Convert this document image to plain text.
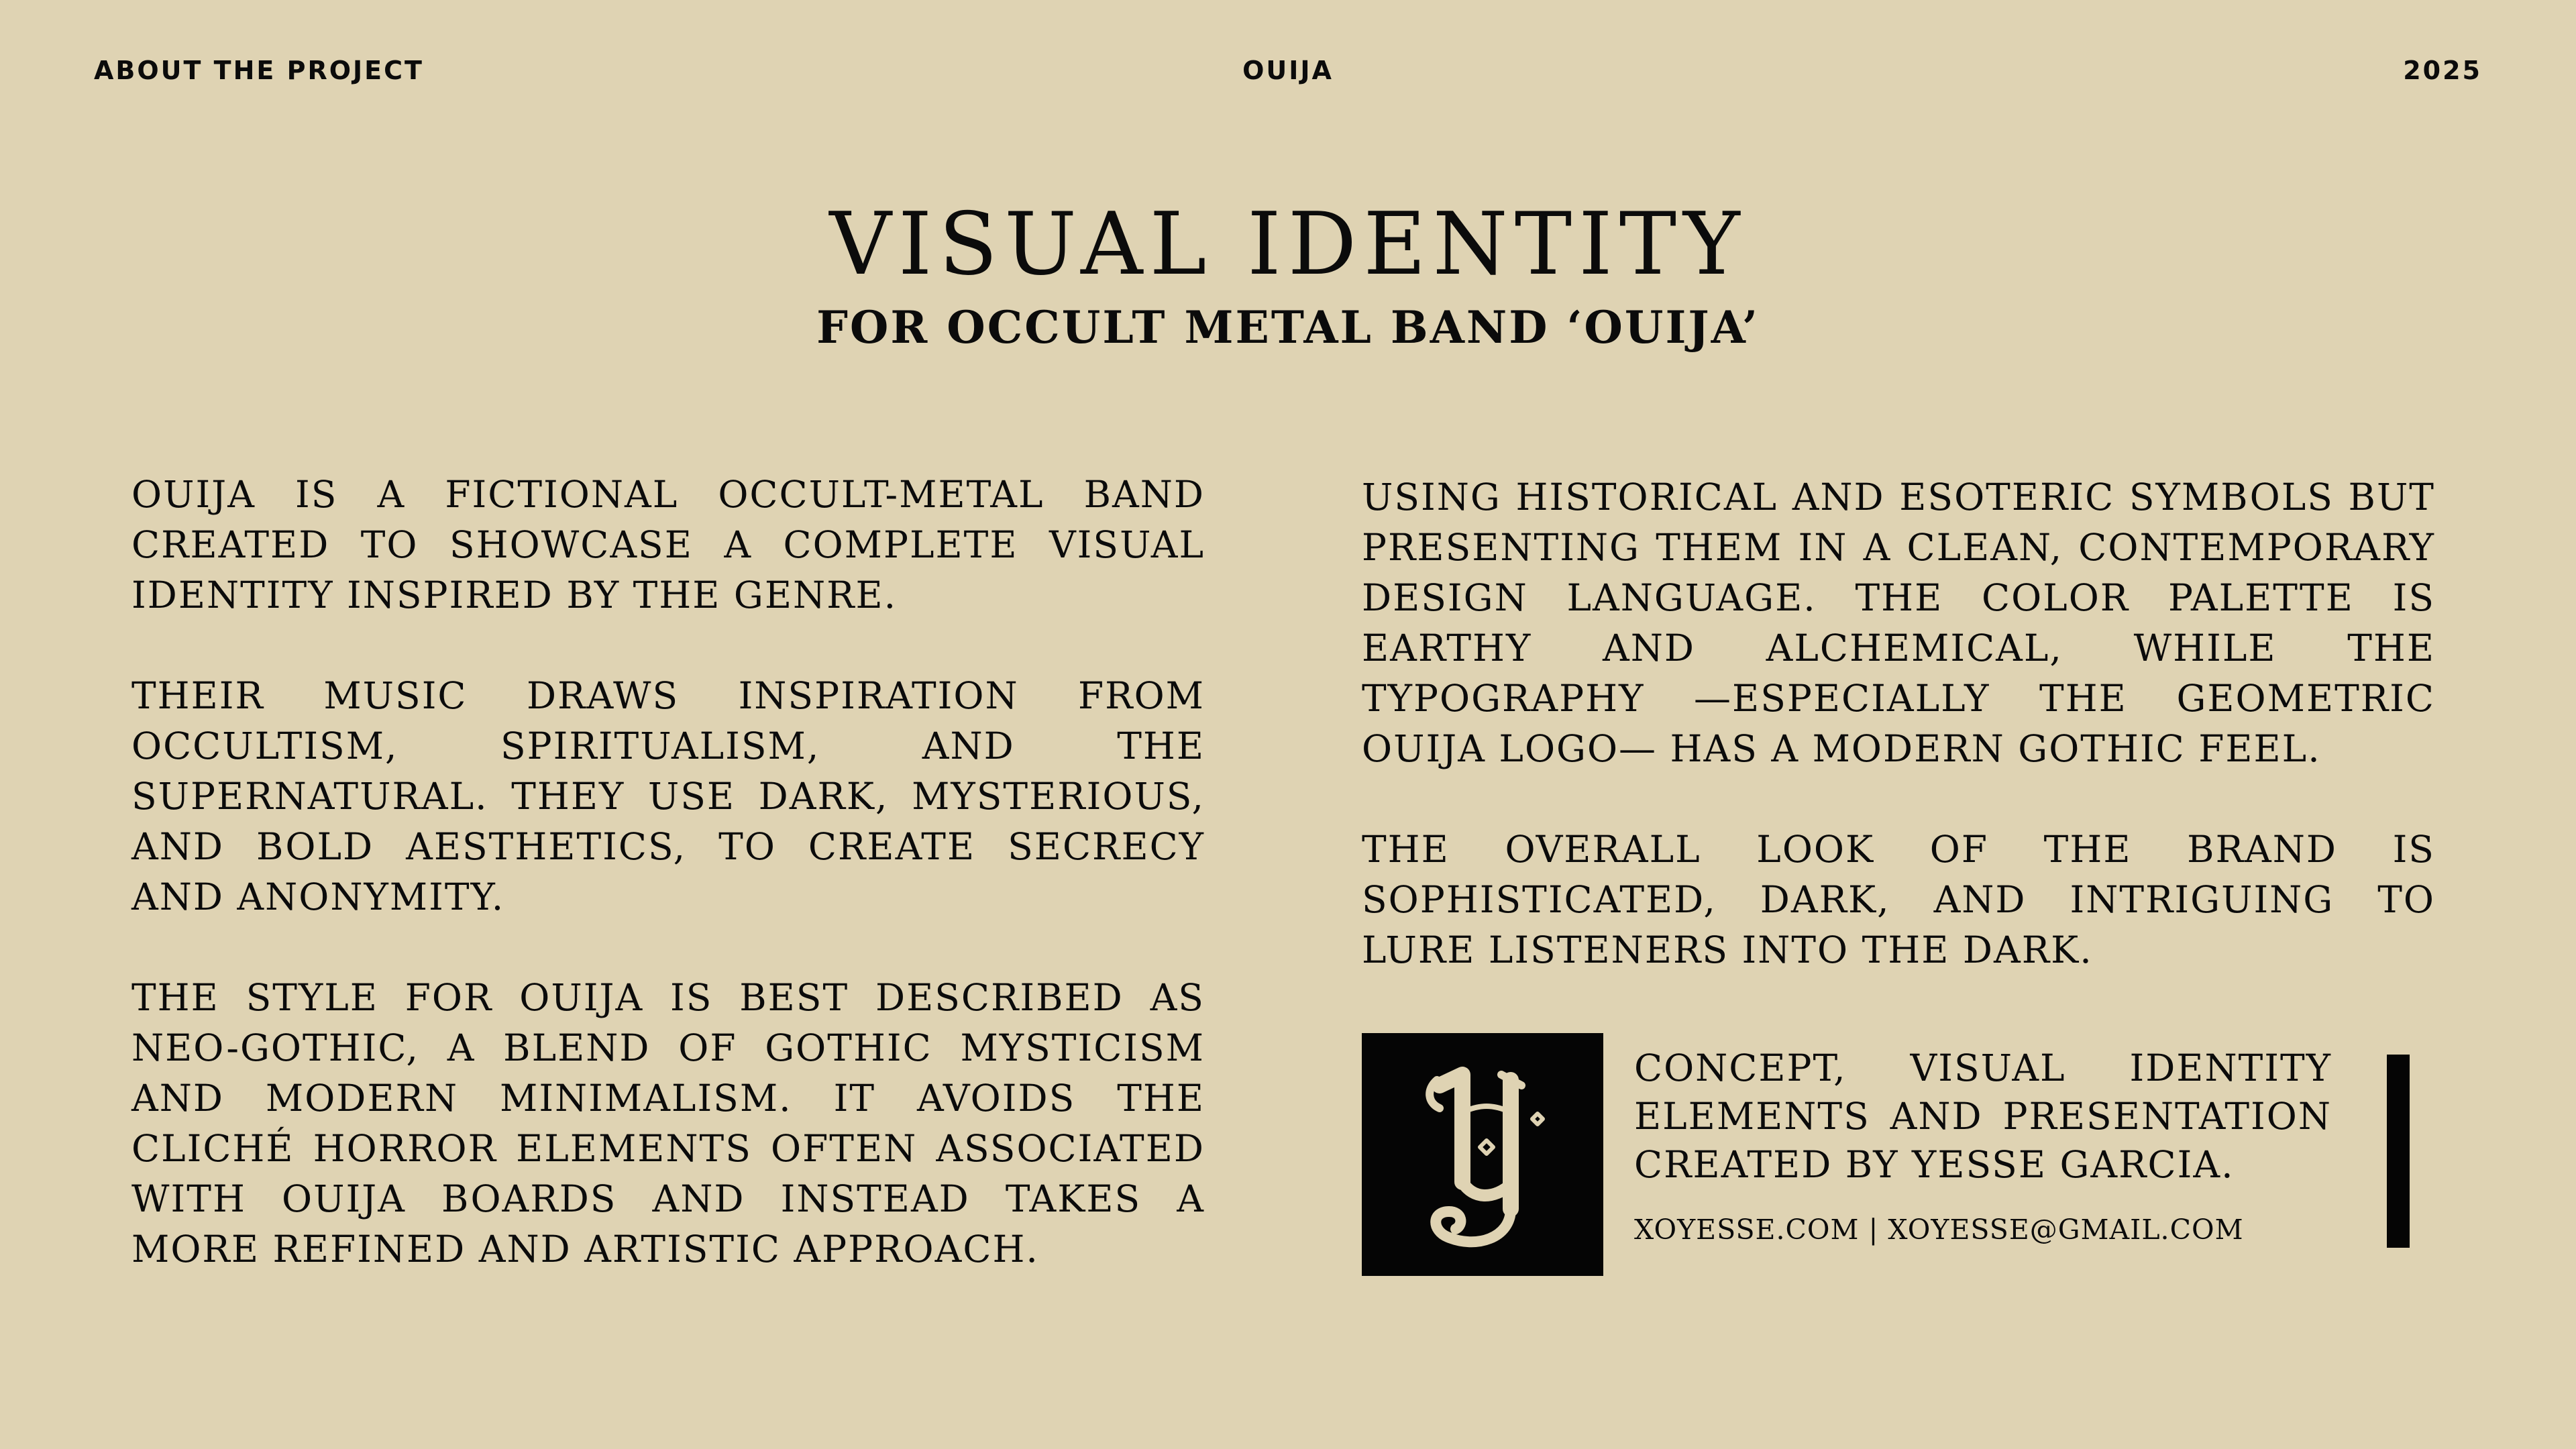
ABOUT THE PROJECT	OUIJA	2025

VISUAL IDENTITY
FOR OCCULT METAL BAND ‘OUIJA’

OUIJA IS A FICTIONAL OCCULT-METAL BAND CREATED TO SHOWCASE A COMPLETE VISUAL IDENTITY INSPIRED BY THE GENRE.

THEIR MUSIC DRAWS INSPIRATION FROM OCCULTISM, SPIRITUALISM, AND THE SUPERNATURAL. THEY USE DARK, MYSTERIOUS, AND BOLD AESTHETICS, TO CREATE SECRECY AND ANONYMITY.

THE STYLE FOR OUIJA IS BEST DESCRIBED AS NEO-GOTHIC, A BLEND OF GOTHIC MYSTICISM AND MODERN MINIMALISM. IT AVOIDS THE CLICHÉ HORROR ELEMENTS OFTEN ASSOCIATED WITH OUIJA BOARDS AND INSTEAD TAKES A MORE REFINED AND ARTISTIC APPROACH.

USING HISTORICAL AND ESOTERIC SYMBOLS BUT PRESENTING THEM IN A CLEAN, CONTEMPORARY DESIGN LANGUAGE. THE COLOR PALETTE IS EARTHY AND ALCHEMICAL, WHILE THE TYPOGRAPHY —ESPECIALLY THE GEOMETRIC OUIJA LOGO— HAS A MODERN GOTHIC FEEL.

THE OVERALL LOOK OF THE BRAND IS SOPHISTICATED, DARK, AND INTRIGUING TO LURE LISTENERS INTO THE DARK.

CONCEPT, VISUAL IDENTITY ELEMENTS AND PRESENTATION CREATED BY YESSE GARCIA.

XOYESSE.COM | XOYESSE@GMAIL.COM
